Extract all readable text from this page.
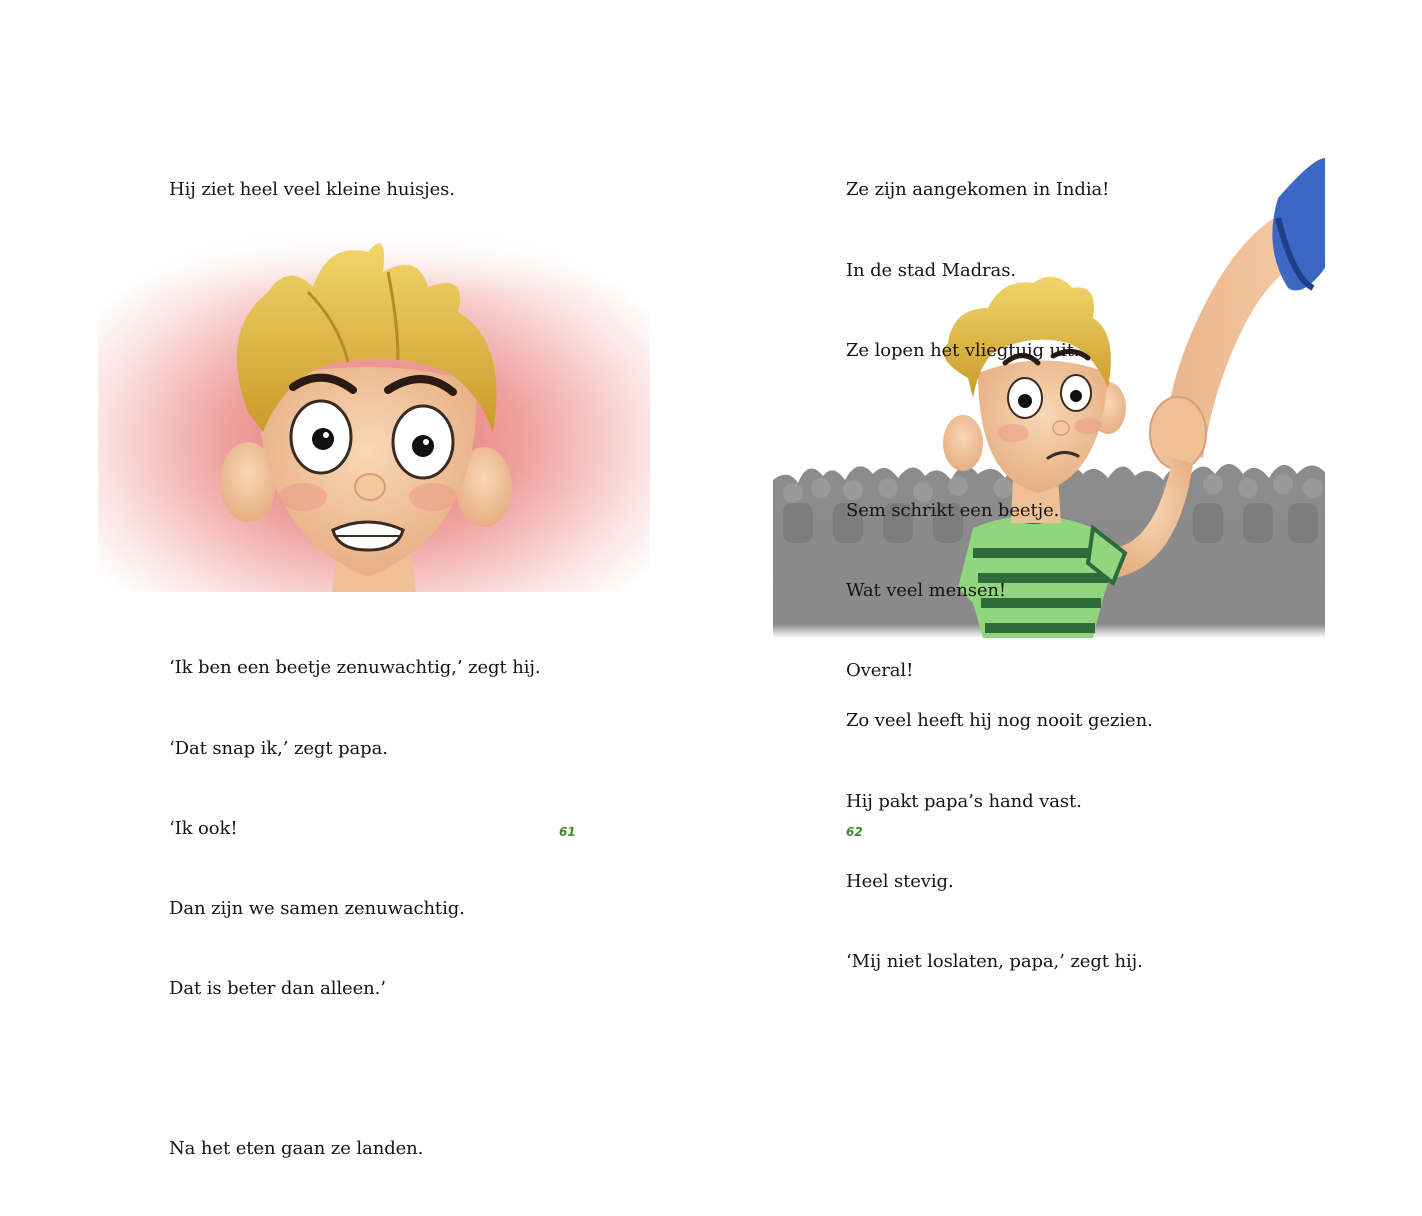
Hij ziet heel veel kleine huisjes.

‘Ik ben een beetje zenuwachtig,’ zegt hij.

‘Dat snap ik,’ zegt papa.

‘Ik ook!

Dan zijn we samen zenuwachtig.

Dat is beter dan alleen.’

Na het eten gaan ze landen.

61

Ze zijn aangekomen in India!

In de stad Madras.

Ze lopen het vliegtuig uit.

Sem schrikt een beetje.

Wat veel mensen!

Overal!

Zo veel heeft hij nog nooit gezien.

Hij pakt papa’s hand vast.

Heel stevig.

‘Mij niet loslaten, papa,’ zegt hij.

62
